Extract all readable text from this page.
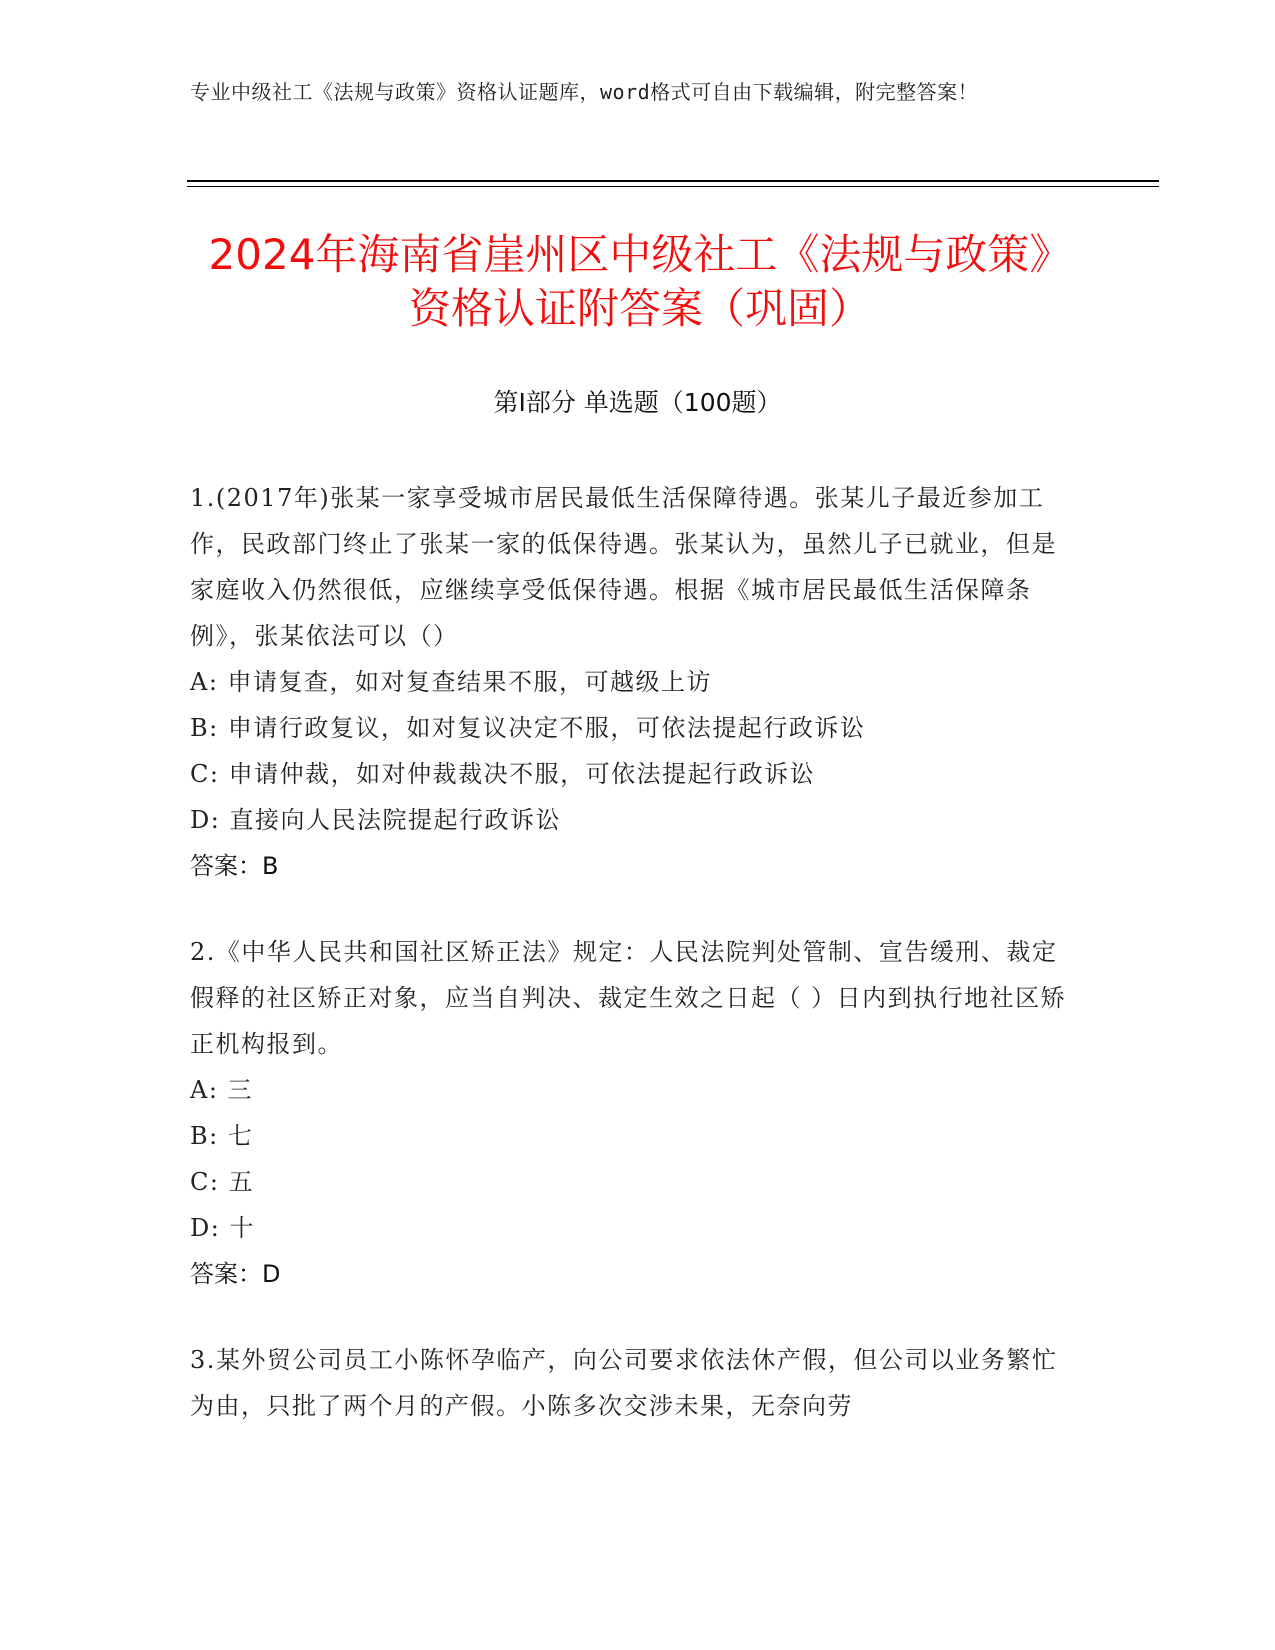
专业中级社工《法规与政策》资格认证题库，word格式可自由下载编辑，附完整答案！
2024年海南省崖州区中级社工《法规与政策》资格认证附答案（巩固）
第Ⅰ部分 单选题（100题）
1.(2017年)张某一家享受城市居民最低生活保障待遇。张某儿子最近参加工作，民政部门终止了张某一家的低保待遇。张某认为，虽然儿子已就业，但是家庭收入仍然很低，应继续享受低保待遇。根据《城市居民最低生活保障条例》，张某依法可以（）
A: 申请复查，如对复查结果不服，可越级上访
B: 申请行政复议，如对复议决定不服，可依法提起行政诉讼
C: 申请仲裁，如对仲裁裁决不服，可依法提起行政诉讼
D: 直接向人民法院提起行政诉讼
答案：B
2.《中华人民共和国社区矫正法》规定：人民法院判处管制、宣告缓刑、裁定假释的社区矫正对象，应当自判决、裁定生效之日起（ ）日内到执行地社区矫正机构报到。
A: 三
B: 七
C: 五
D: 十
答案：D
3.某外贸公司员工小陈怀孕临产，向公司要求依法休产假，但公司以业务繁忙为由，只批了两个月的产假。小陈多次交涉未果，无奈向劳
